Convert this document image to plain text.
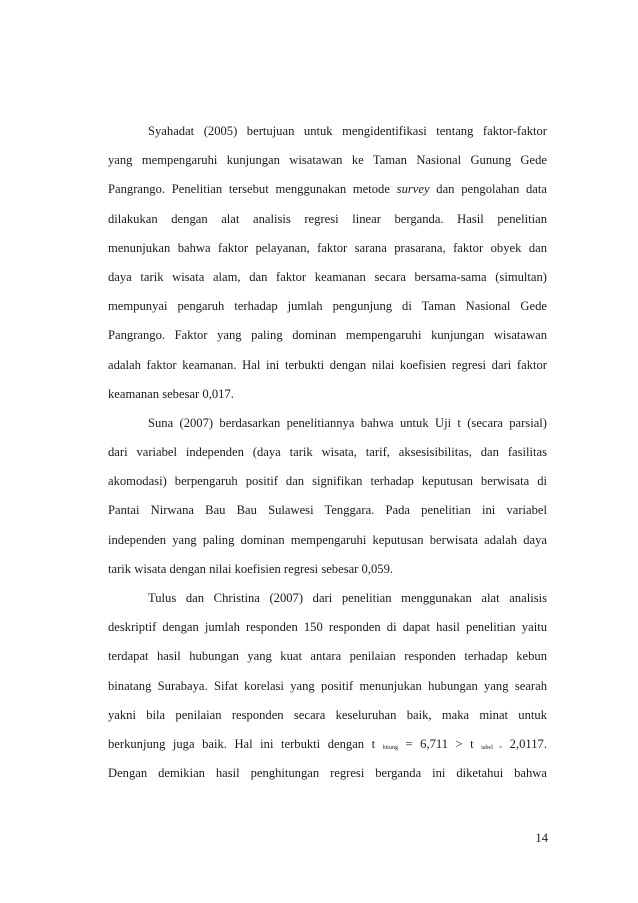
Syahadat (2005) bertujuan untuk mengidentifikasi tentang faktor-faktor
yang mempengaruhi kunjungan wisatawan ke Taman Nasional Gunung Gede
Pangrango. Penelitian tersebut menggunakan metode survey dan pengolahan data
dilakukan dengan alat analisis regresi linear berganda. Hasil penelitian
menunjukan bahwa faktor pelayanan, faktor sarana prasarana, faktor obyek dan
daya tarik wisata alam, dan faktor keamanan secara bersama-sama (simultan)
mempunyai pengaruh terhadap jumlah pengunjung di Taman Nasional Gede
Pangrango. Faktor yang paling dominan mempengaruhi kunjungan wisatawan
adalah faktor keamanan. Hal ini terbukti dengan nilai koefisien regresi dari faktor
keamanan sebesar 0,017.
Suna (2007) berdasarkan penelitiannya bahwa untuk Uji t (secara parsial)
dari variabel independen (daya tarik wisata, tarif, aksesisibilitas, dan fasilitas
akomodasi) berpengaruh positif dan signifikan terhadap keputusan berwisata di
Pantai Nirwana Bau Bau Sulawesi Tenggara. Pada penelitian ini variabel
independen yang paling dominan mempengaruhi keputusan berwisata adalah daya
tarik wisata dengan nilai koefisien regresi sebesar 0,059.
Tulus dan Christina (2007) dari penelitian menggunakan alat analisis
deskriptif dengan jumlah responden 150 responden di dapat hasil penelitian yaitu
terdapat hasil hubungan yang kuat antara penilaian responden terhadap kebun
binatang Surabaya. Sifat korelasi yang positif menunjukan hubungan yang searah
yakni bila penilaian responden secara keseluruhan baik, maka minat untuk
berkunjung juga baik. Hal ini terbukti dengan t hitung = 6,711 > t tabel = 2,0117.
Dengan demikian hasil penghitungan regresi berganda ini diketahui bahwa
14
